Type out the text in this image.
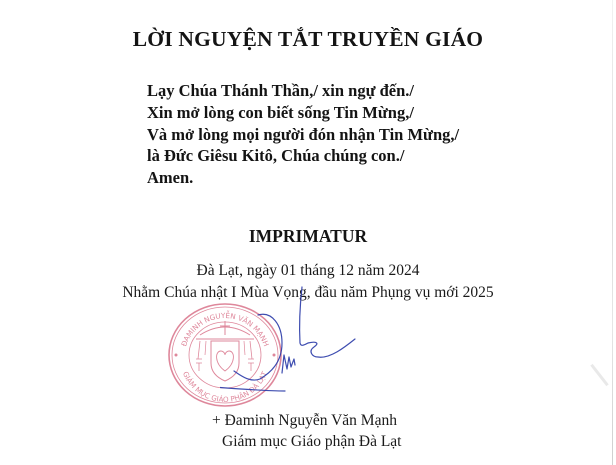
LỜI NGUYỆN TẮT TRUYỀN GIÁO
Lạy Chúa Thánh Thần,/ xin ngự đến./
Xin mở lòng con biết sống Tin Mừng,/
Và mở lòng mọi người đón nhận Tin Mừng,/
là Đức Giêsu Kitô, Chúa chúng con./
Amen.
IMPRIMATUR
Đà Lạt, ngày 01 tháng 12 năm 2024
Nhằm Chúa nhật I Mùa Vọng, đầu năm Phụng vụ mới 2025
ĐAMINH NGUYỄN VĂN MẠNH
GIÁM MỤC GIÁO PHẬN ĐÀ LẠT
+ Đaminh Nguyễn Văn Mạnh
Giám mục Giáo phận Đà Lạt
